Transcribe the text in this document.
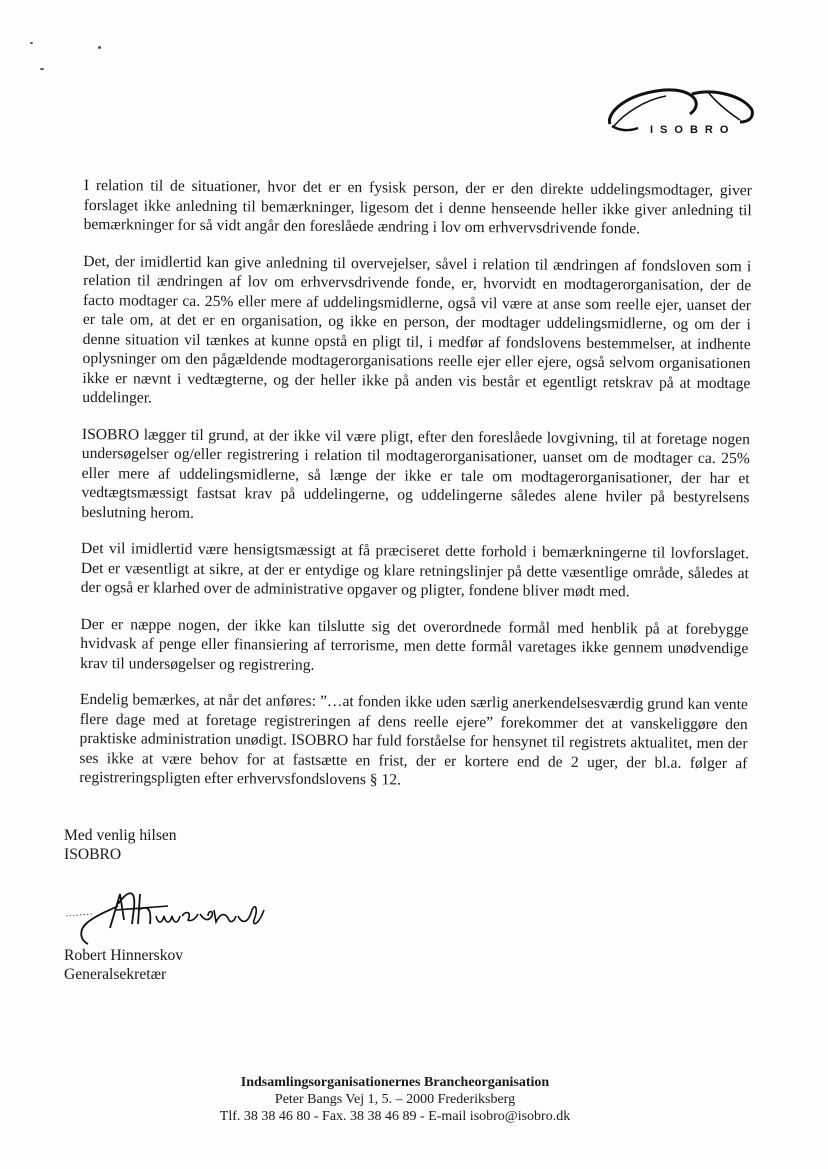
ISOBRO

I relation til de situationer, hvor det er en fysisk person, der er den direkte uddelingsmodtager, giver forslaget ikke anledning til bemærkninger, ligesom det i denne henseende heller ikke giver anledning til bemærkninger for så vidt angår den foreslåede ændring i lov om erhvervsdrivende fonde.

Det, der imidlertid kan give anledning til overvejelser, såvel i relation til ændringen af fondsloven som i relation til ændringen af lov om erhvervsdrivende fonde, er, hvorvidt en modtagerorganisation, der de facto modtager ca. 25% eller mere af uddelingsmidlerne, også vil være at anse som reelle ejer, uanset der er tale om, at det er en organisation, og ikke en person, der modtager uddelingsmidlerne, og om der i denne situation vil tænkes at kunne opstå en pligt til, i medfør af fondslovens bestemmelser, at indhente oplysninger om den pågældende modtagerorganisations reelle ejer eller ejere, også selvom organisationen ikke er nævnt i vedtægterne, og der heller ikke på anden vis består et egentligt retskrav på at modtage uddelinger.

ISOBRO lægger til grund, at der ikke vil være pligt, efter den foreslåede lovgivning, til at foretage nogen undersøgelser og/eller registrering i relation til modtagerorganisationer, uanset om de modtager ca. 25% eller mere af uddelingsmidlerne, så længe der ikke er tale om modtagerorganisationer, der har et vedtægtsmæssigt fastsat krav på uddelingerne, og uddelingerne således alene hviler på bestyrelsens beslutning herom.

Det vil imidlertid være hensigtsmæssigt at få præciseret dette forhold i bemærkningerne til lovforslaget. Det er væsentligt at sikre, at der er entydige og klare retningslinjer på dette væsentlige område, således at der også er klarhed over de administrative opgaver og pligter, fondene bliver mødt med.

Der er næppe nogen, der ikke kan tilslutte sig det overordnede formål med henblik på at forebygge hvidvask af penge eller finansiering af terrorisme, men dette formål varetages ikke gennem unødvendige krav til undersøgelser og registrering.

Endelig bemærkes, at når det anføres: ”…at fonden ikke uden særlig anerkendelsesværdig grund kan vente flere dage med at foretage registreringen af dens reelle ejere” forekommer det at vanskeliggøre den praktiske administration unødigt. ISOBRO har fuld forståelse for hensynet til registrets aktualitet, men der ses ikke at være behov for at fastsætte en frist, der er kortere end de 2 uger, der bl.a. følger af registreringspligten efter erhvervsfondslovens § 12.

Med venlig hilsen
ISOBRO
Robert Hinnerskov
Generalsekretær
Indsamlingsorganisationernes Brancheorganisation
Peter Bangs Vej 1, 5. – 2000 Frederiksberg
Tlf. 38 38 46 80 - Fax. 38 38 46 89 - E-mail isobro@isobro.dk
